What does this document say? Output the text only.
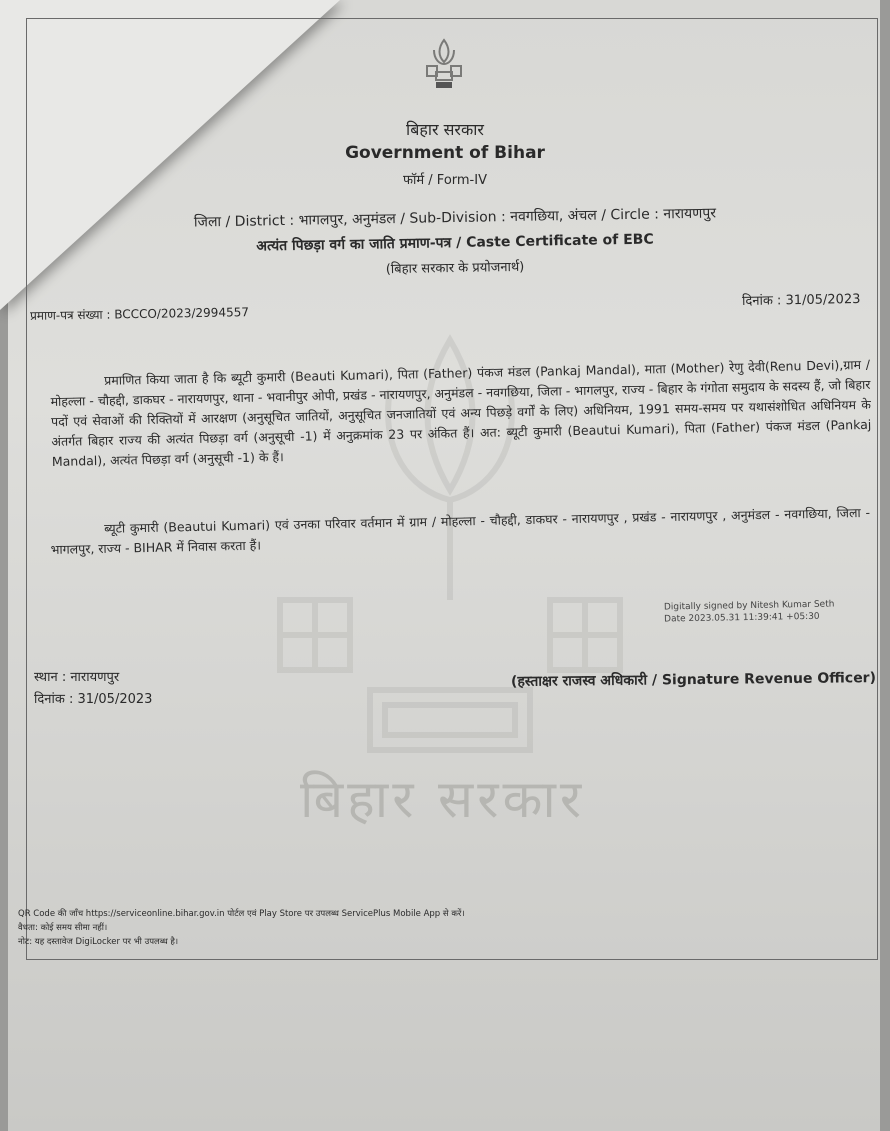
बिहार सरकार
बिहार सरकार
Government of Bihar
फॉर्म / Form-IV
जिला / District : भागलपुर, अनुमंडल / Sub-Division : नवगछिया, अंचल / Circle : नारायणपुर
अत्यंत पिछड़ा वर्ग का जाति प्रमाण-पत्र / Caste Certificate of EBC
(बिहार सरकार के प्रयोजनार्थ)
प्रमाण-पत्र संख्या : BCCCO/2023/2994557
दिनांक : 31/05/2023
प्रमाणित किया जाता है कि ब्यूटी कुमारी (Beauti Kumari), पिता (Father) पंकज मंडल (Pankaj Mandal), माता (Mother) रेणु देवी(Renu Devi),ग्राम / मोहल्ला - चौहद्दी, डाकघर - नारायणपुर, थाना - भवानीपुर ओपी, प्रखंड - नारायणपुर, अनुमंडल - नवगछिया, जिला - भागलपुर, राज्य - बिहार के गंगोता समुदाय के सदस्य हैं, जो बिहार पदों एवं सेवाओं की रिक्तियों में आरक्षण (अनुसूचित जातियों, अनुसूचित जनजातियों एवं अन्य पिछड़े वर्गों के लिए) अधिनियम, 1991 समय-समय पर यथासंशोधित अधिनियम के अंतर्गत बिहार राज्य की अत्यंत पिछड़ा वर्ग (अनुसूची -1) में अनुक्रमांक 23 पर अंकित हैं। अत: ब्यूटी कुमारी (Beautui Kumari), पिता (Father) पंकज मंडल (Pankaj Mandal), अत्यंत पिछड़ा वर्ग (अनुसूची -1) के हैं।
ब्यूटी कुमारी (Beautui Kumari) एवं उनका परिवार वर्तमान में ग्राम / मोहल्ला - चौहद्दी, डाकघर - नारायणपुर , प्रखंड - नारायणपुर , अनुमंडल - नवगछिया, जिला - भागलपुर, राज्य - BIHAR में निवास करता हैं।
Digitally signed by Nitesh Kumar Seth
Date 2023.05.31 11:39:41 +05:30
स्थान : नारायणपुर
दिनांक : 31/05/2023
(हस्ताक्षर राजस्व अधिकारी / Signature Revenue Officer)
QR Code की जाँच https://serviceonline.bihar.gov.in पोर्टल एवं Play Store पर उपलब्ध ServicePlus Mobile App से करें।
वैधता: कोई समय सीमा नहीं।
नोट: यह दस्तावेज DigiLocker पर भी उपलब्ध है।
